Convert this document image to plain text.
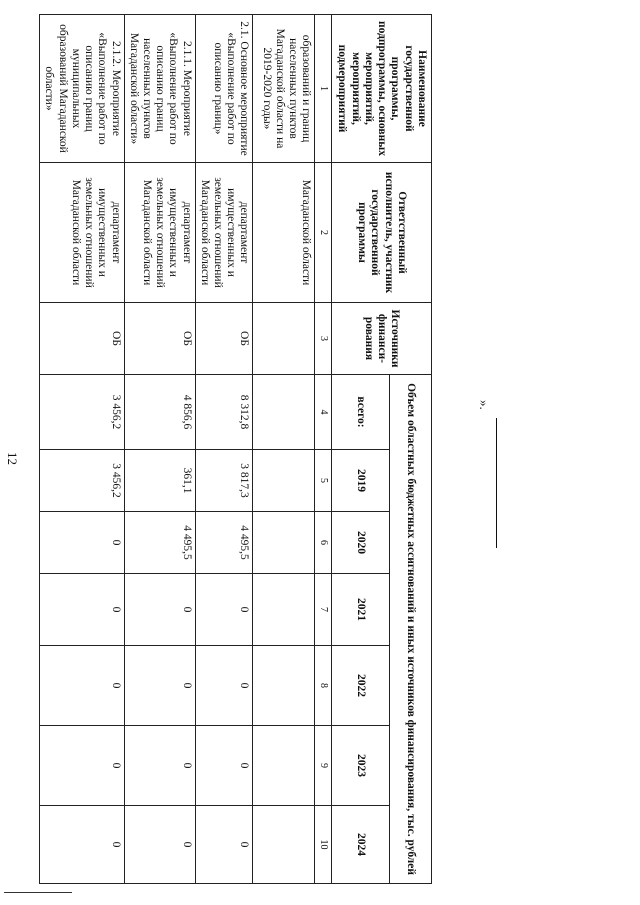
12
Наименование государственной программы, подпрограммы, основных мероприятий, мероприятий, подмероприятий	Ответственный исполнитель, участник государственной программы	Источники финанси-рования	Объем областных бюджетных ассигнований и иных источников финансирования, тыс. рублей						
			всего:	2019	2020	2021	2022	2023	2024
1	2	3	4	5	6	7	8	9	10
образований и границ населенных пунктов Магаданской области на 2019-2020 годы»	Магаданской области								
2.1. Основное мероприятие «Выполнение работ по описанию границ»	департамент имущественных и земельных отношений Магаданской области	ОБ	8 312,8	3 817,3	4 495,5	0	0	0	0
2.1.1. Мероприятие «Выполнение работ по описанию границ населенных пунктов Магаданской области»	департамент имущественных и земельных отношений Магаданской области	ОБ	4 856,6	361,1	4 495,5	0	0	0	0
2.1.2. Мероприятие «Выполнение работ по описанию границ муниципальных образований Магаданской области»	департамент имущественных и земельных отношений Магаданской области	ОБ	3 456,2	3 456,2	0	0	0	0	0
».
